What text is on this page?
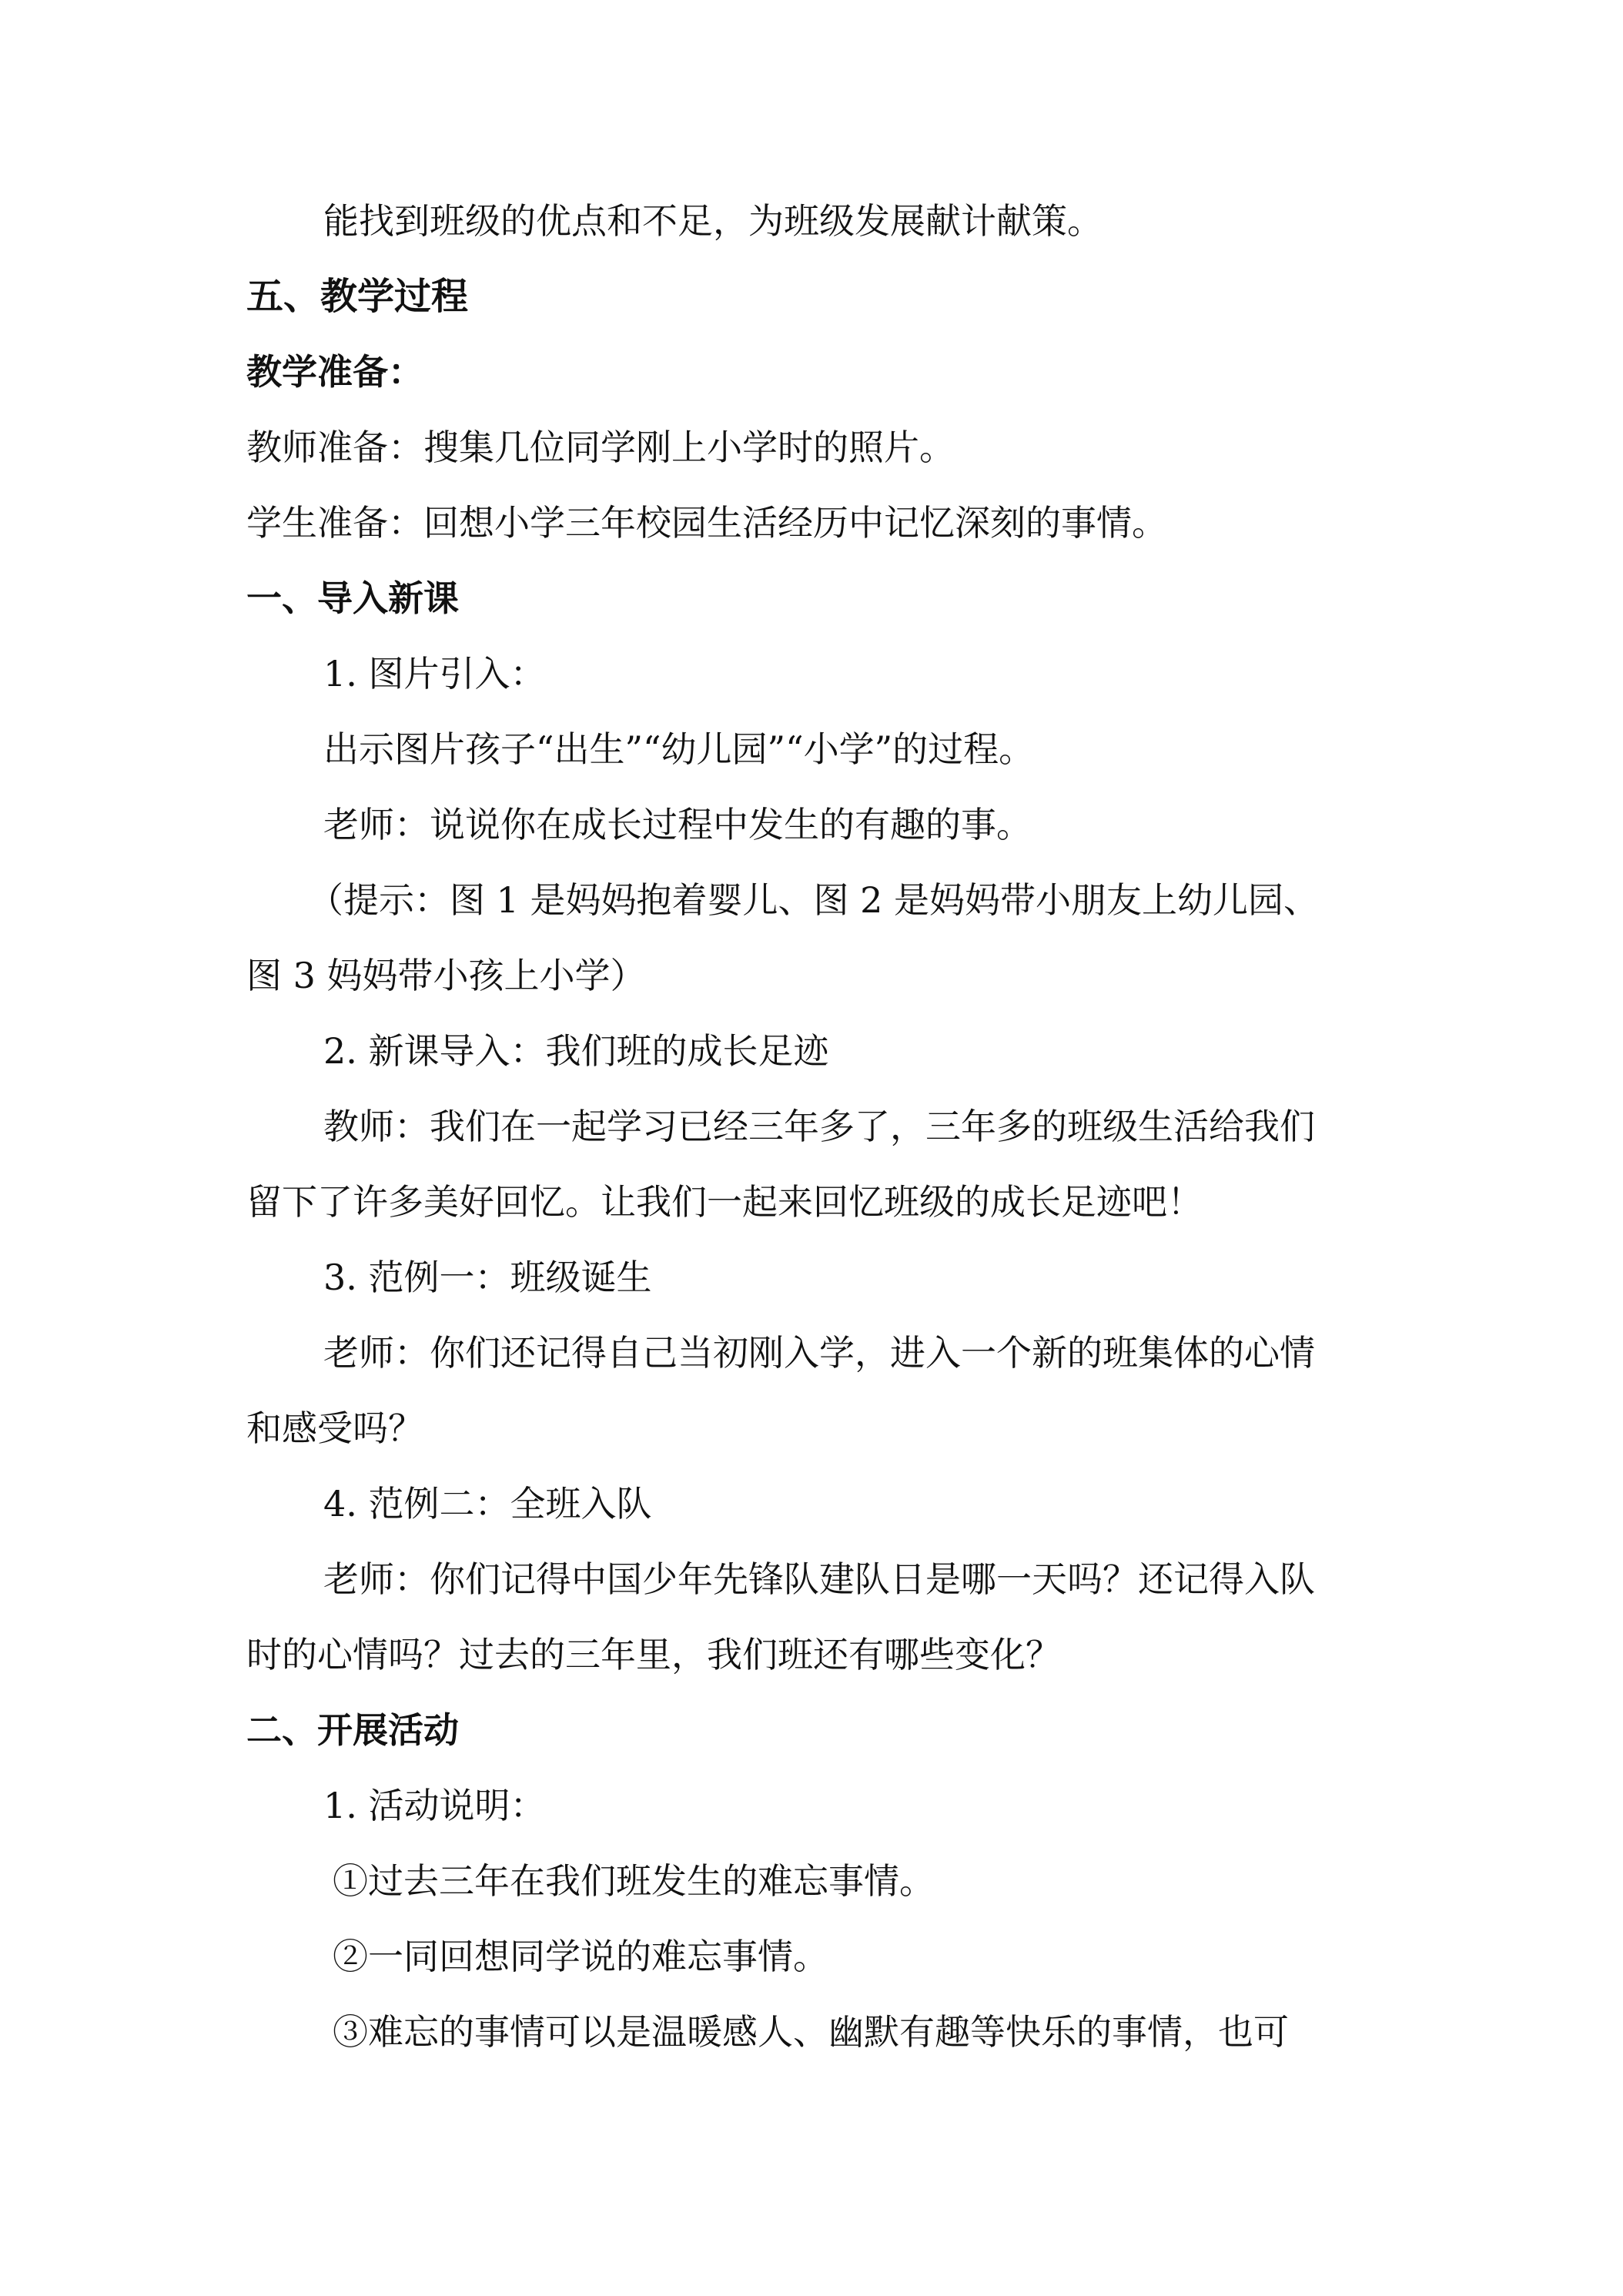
能找到班级的优点和不足，为班级发展献计献策。
五、教学过程
教学准备：
教师准备：搜集几位同学刚上小学时的照片。
学生准备：回想小学三年校园生活经历中记忆深刻的事情。
一、导入新课
1. 图片引入：
出示图片孩子“出生”“幼儿园”“小学”的过程。
老师：说说你在成长过程中发生的有趣的事。
（提示：图 1 是妈妈抱着婴儿、图 2 是妈妈带小朋友上幼儿园、
图 3 妈妈带小孩上小学）
2. 新课导入：我们班的成长足迹
教师：我们在一起学习已经三年多了，三年多的班级生活给我们
留下了许多美好回忆。让我们一起来回忆班级的成长足迹吧！
3. 范例一：班级诞生
老师：你们还记得自己当初刚入学，进入一个新的班集体的心情
和感受吗？
4. 范例二：全班入队
老师：你们记得中国少年先锋队建队日是哪一天吗？还记得入队
时的心情吗？过去的三年里，我们班还有哪些变化？
二、开展活动
1. 活动说明：
①过去三年在我们班发生的难忘事情。
②一同回想同学说的难忘事情。
③难忘的事情可以是温暖感人、幽默有趣等快乐的事情，也可
